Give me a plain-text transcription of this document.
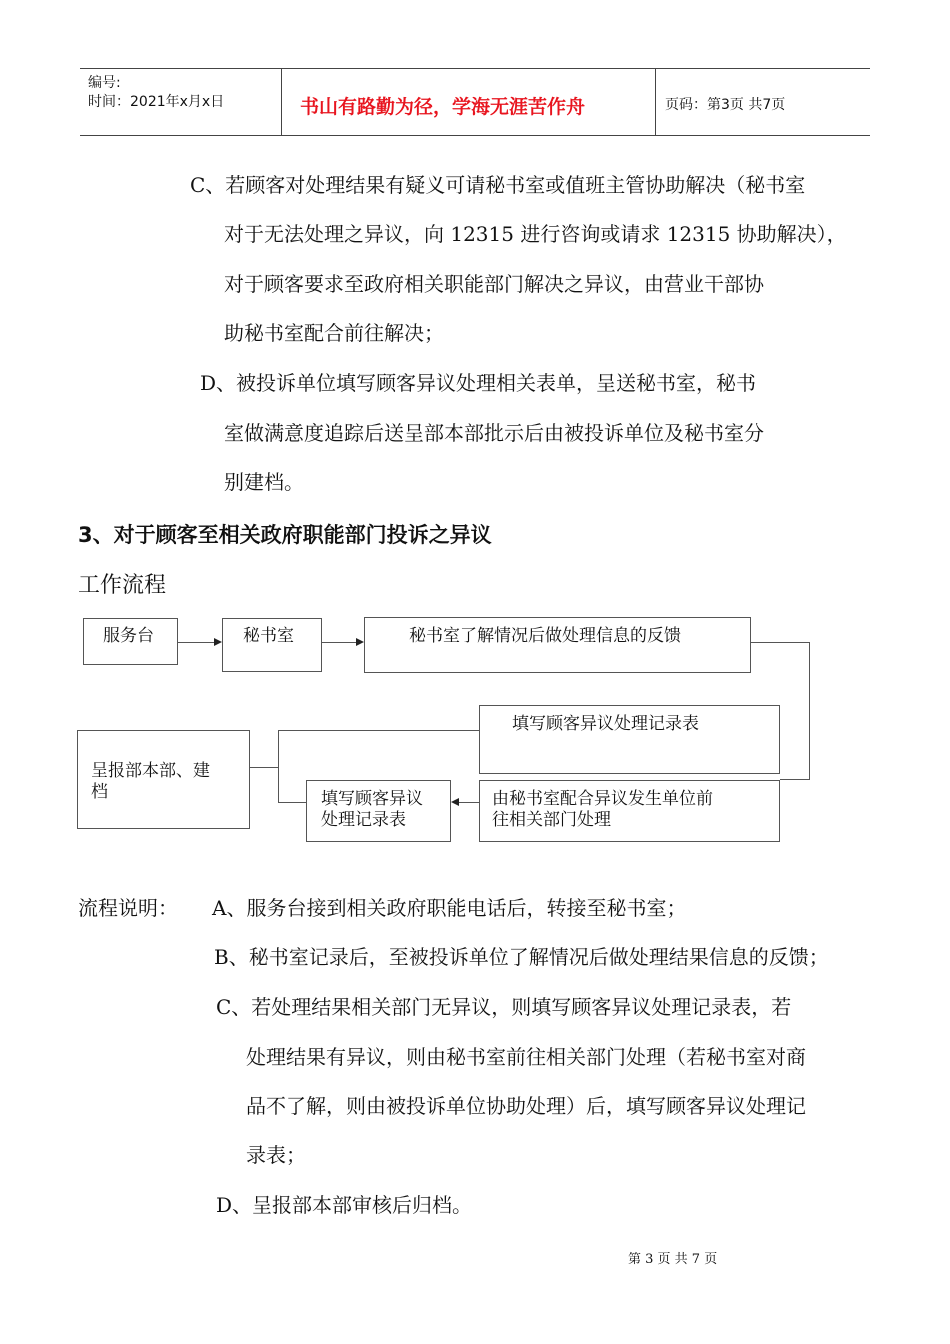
编号:
时间：2021年x月x日	书山有路勤为径，学海无涯苦作舟	页码：第3页 共7页
C、若顾客对处理结果有疑义可请秘书室或值班主管协助解决（秘书室
对于无法处理之异议，向 12315 进行咨询或请求 12315 协助解决），
对于顾客要求至政府相关职能部门解决之异议，由营业干部协
助秘书室配合前往解决；
D、被投诉单位填写顾客异议处理相关表单，呈送秘书室，秘书
室做满意度追踪后送呈部本部批示后由被投诉单位及秘书室分
别建档。
3、对于顾客至相关政府职能部门投诉之异议
工作流程
服务台	秘书室	秘书室了解情况后做处理信息的反馈
填写顾客异议处理记录表
由秘书室配合异议发生单位前
往相关部门处理
呈报部本部、建
档	填写顾客异议
处理记录表
流程说明： A、服务台接到相关政府职能电话后，转接至秘书室；
B、秘书室记录后，至被投诉单位了解情况后做处理结果信息的反馈；
C、若处理结果相关部门无异议，则填写顾客异议处理记录表，若
处理结果有异议，则由秘书室前往相关部门处理（若秘书室对商
品不了解，则由被投诉单位协助处理）后，填写顾客异议处理记
录表；
D、呈报部本部审核后归档。
第 3 页 共 7 页
